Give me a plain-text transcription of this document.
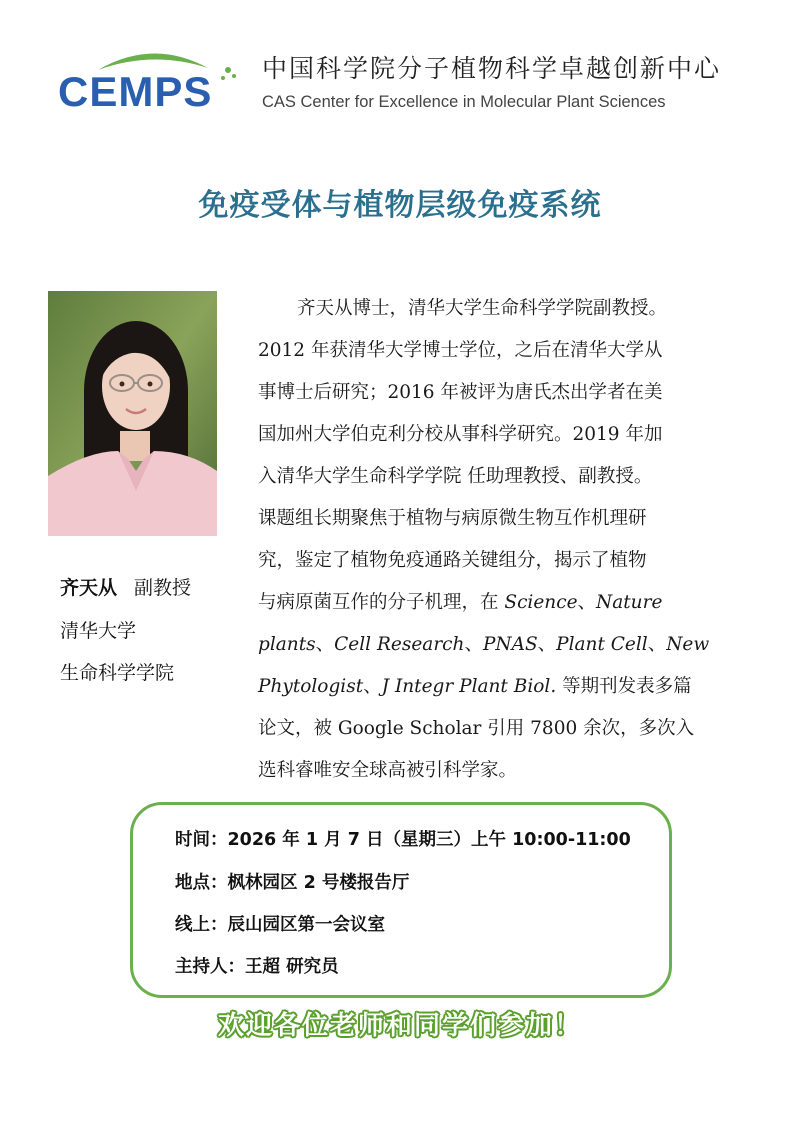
CEMPS 中国科学院分子植物科学卓越创新中心
CAS Center for Excellence in Molecular Plant Sciences
免疫受体与植物层级免疫系统
齐天从 副教授
清华大学
生命科学学院
齐天从博士，清华大学生命科学学院副教授。
2012 年获清华大学博士学位，之后在清华大学从
事博士后研究；2016 年被评为唐氏杰出学者在美
国加州大学伯克利分校从事科学研究。2019 年加
入清华大学生命科学学院 任助理教授、副教授。
课题组长期聚焦于植物与病原微生物互作机理研
究，鉴定了植物免疫通路关键组分，揭示了植物
与病原菌互作的分子机理，在 Science、Nature
plants、Cell Research、PNAS、Plant Cell、New
Phytologist、J Integr Plant Biol. 等期刊发表多篇
论文，被 Google Scholar 引用 7800 余次，多次入
选科睿唯安全球高被引科学家。
时间：2026 年 1 月 7 日（星期三）上午 10:00-11:00
地点：枫林园区 2 号楼报告厅
线上：辰山园区第一会议室
主持人：王超 研究员
欢迎各位老师和同学们参加！
